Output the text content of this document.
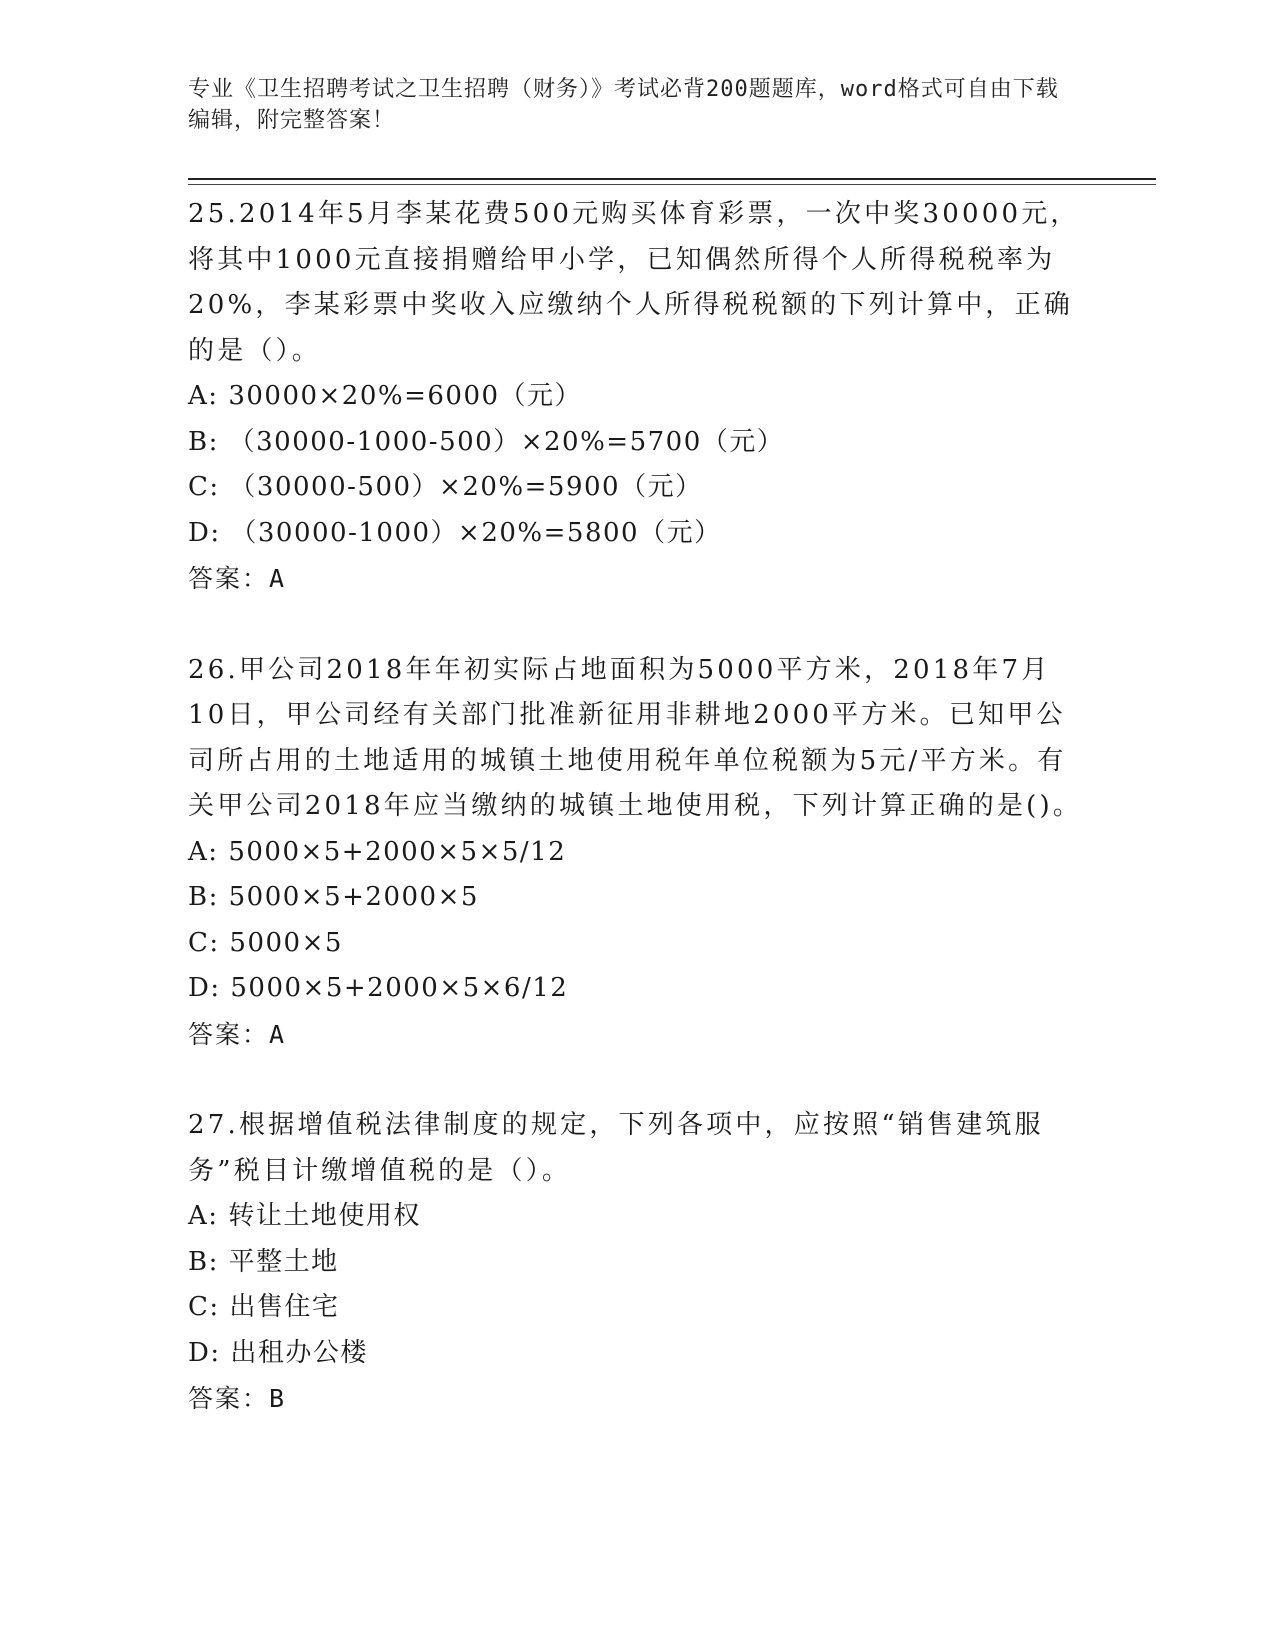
专业《卫生招聘考试之卫生招聘（财务）》考试必背200题题库，word格式可自由下载编辑，附完整答案！

25.2014年5月李某花费500元购买体育彩票，一次中奖30000元，将其中1000元直接捐赠给甲小学，已知偶然所得个人所得税税率为20%，李某彩票中奖收入应缴纳个人所得税税额的下列计算中，正确的是（）。

A: 30000×20%=6000（元）

B: （30000-1000-500）×20%=5700（元）

C: （30000-500）×20%=5900（元）

D: （30000-1000）×20%=5800（元）

答案：A

26.甲公司2018年年初实际占地面积为5000平方米，2018年7月10日，甲公司经有关部门批准新征用非耕地2000平方米。已知甲公司所占用的土地适用的城镇土地使用税年单位税额为5元/平方米。有关甲公司2018年应当缴纳的城镇土地使用税，下列计算正确的是()。

A: 5000×5+2000×5×5/12

B: 5000×5+2000×5

C: 5000×5

D: 5000×5+2000×5×6/12

答案：A

27.根据增值税法律制度的规定，下列各项中，应按照“销售建筑服务”税目计缴增值税的是（）。

A: 转让土地使用权

B: 平整土地

C: 出售住宅

D: 出租办公楼

答案：B
